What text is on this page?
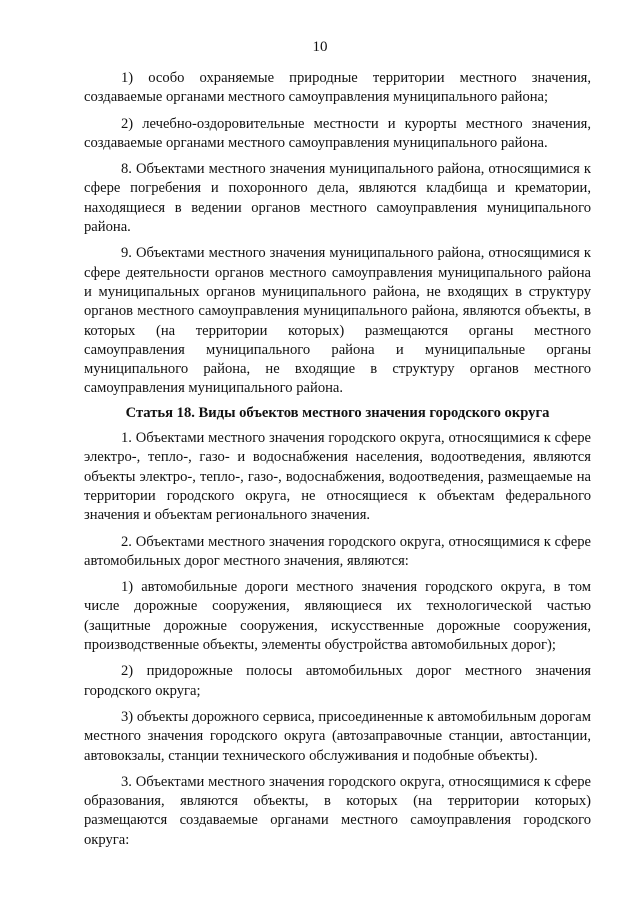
10

1) особо охраняемые природные территории местного значения, создаваемые органами местного самоуправления муниципального района;

2) лечебно-оздоровительные местности и курорты местного значения, создаваемые органами местного самоуправления муниципального района.

8. Объектами местного значения муниципального района, относящимися к сфере погребения и похоронного дела, являются кладбища и крематории, находящиеся в ведении органов местного самоуправления муниципального района.

9. Объектами местного значения муниципального района, относящимися к сфере деятельности органов местного самоуправления муниципального района и муниципальных органов муниципального района, не входящих в структуру органов местного самоуправления муниципального района, являются объекты, в которых (на территории которых) размещаются органы местного самоуправления муниципального района и муниципальные органы муниципального района, не входящие в структуру органов местного самоуправления муниципального района.

Статья 18. Виды объектов местного значения городского округа

1. Объектами местного значения городского округа, относящимися к сфере электро-, тепло-, газо- и водоснабжения населения, водоотведения, являются объекты электро-, тепло-, газо-, водоснабжения, водоотведения, размещаемые на территории городского округа, не относящиеся к объектам федерального значения и объектам регионального значения.

2. Объектами местного значения городского округа, относящимися к сфере автомобильных дорог местного значения, являются:

1) автомобильные дороги местного значения городского округа, в том числе дорожные сооружения, являющиеся их технологической частью (защитные дорожные сооружения, искусственные дорожные сооружения, производственные объекты, элементы обустройства автомобильных дорог);

2) придорожные полосы автомобильных дорог местного значения городского округа;

3) объекты дорожного сервиса, присоединенные к автомобильным дорогам местного значения городского округа (автозаправочные станции, автостанции, автовокзалы, станции технического обслуживания и подобные объекты).

3. Объектами местного значения городского округа, относящимися к сфере образования, являются объекты, в которых (на территории которых) размещаются создаваемые органами местного самоуправления городского округа:
